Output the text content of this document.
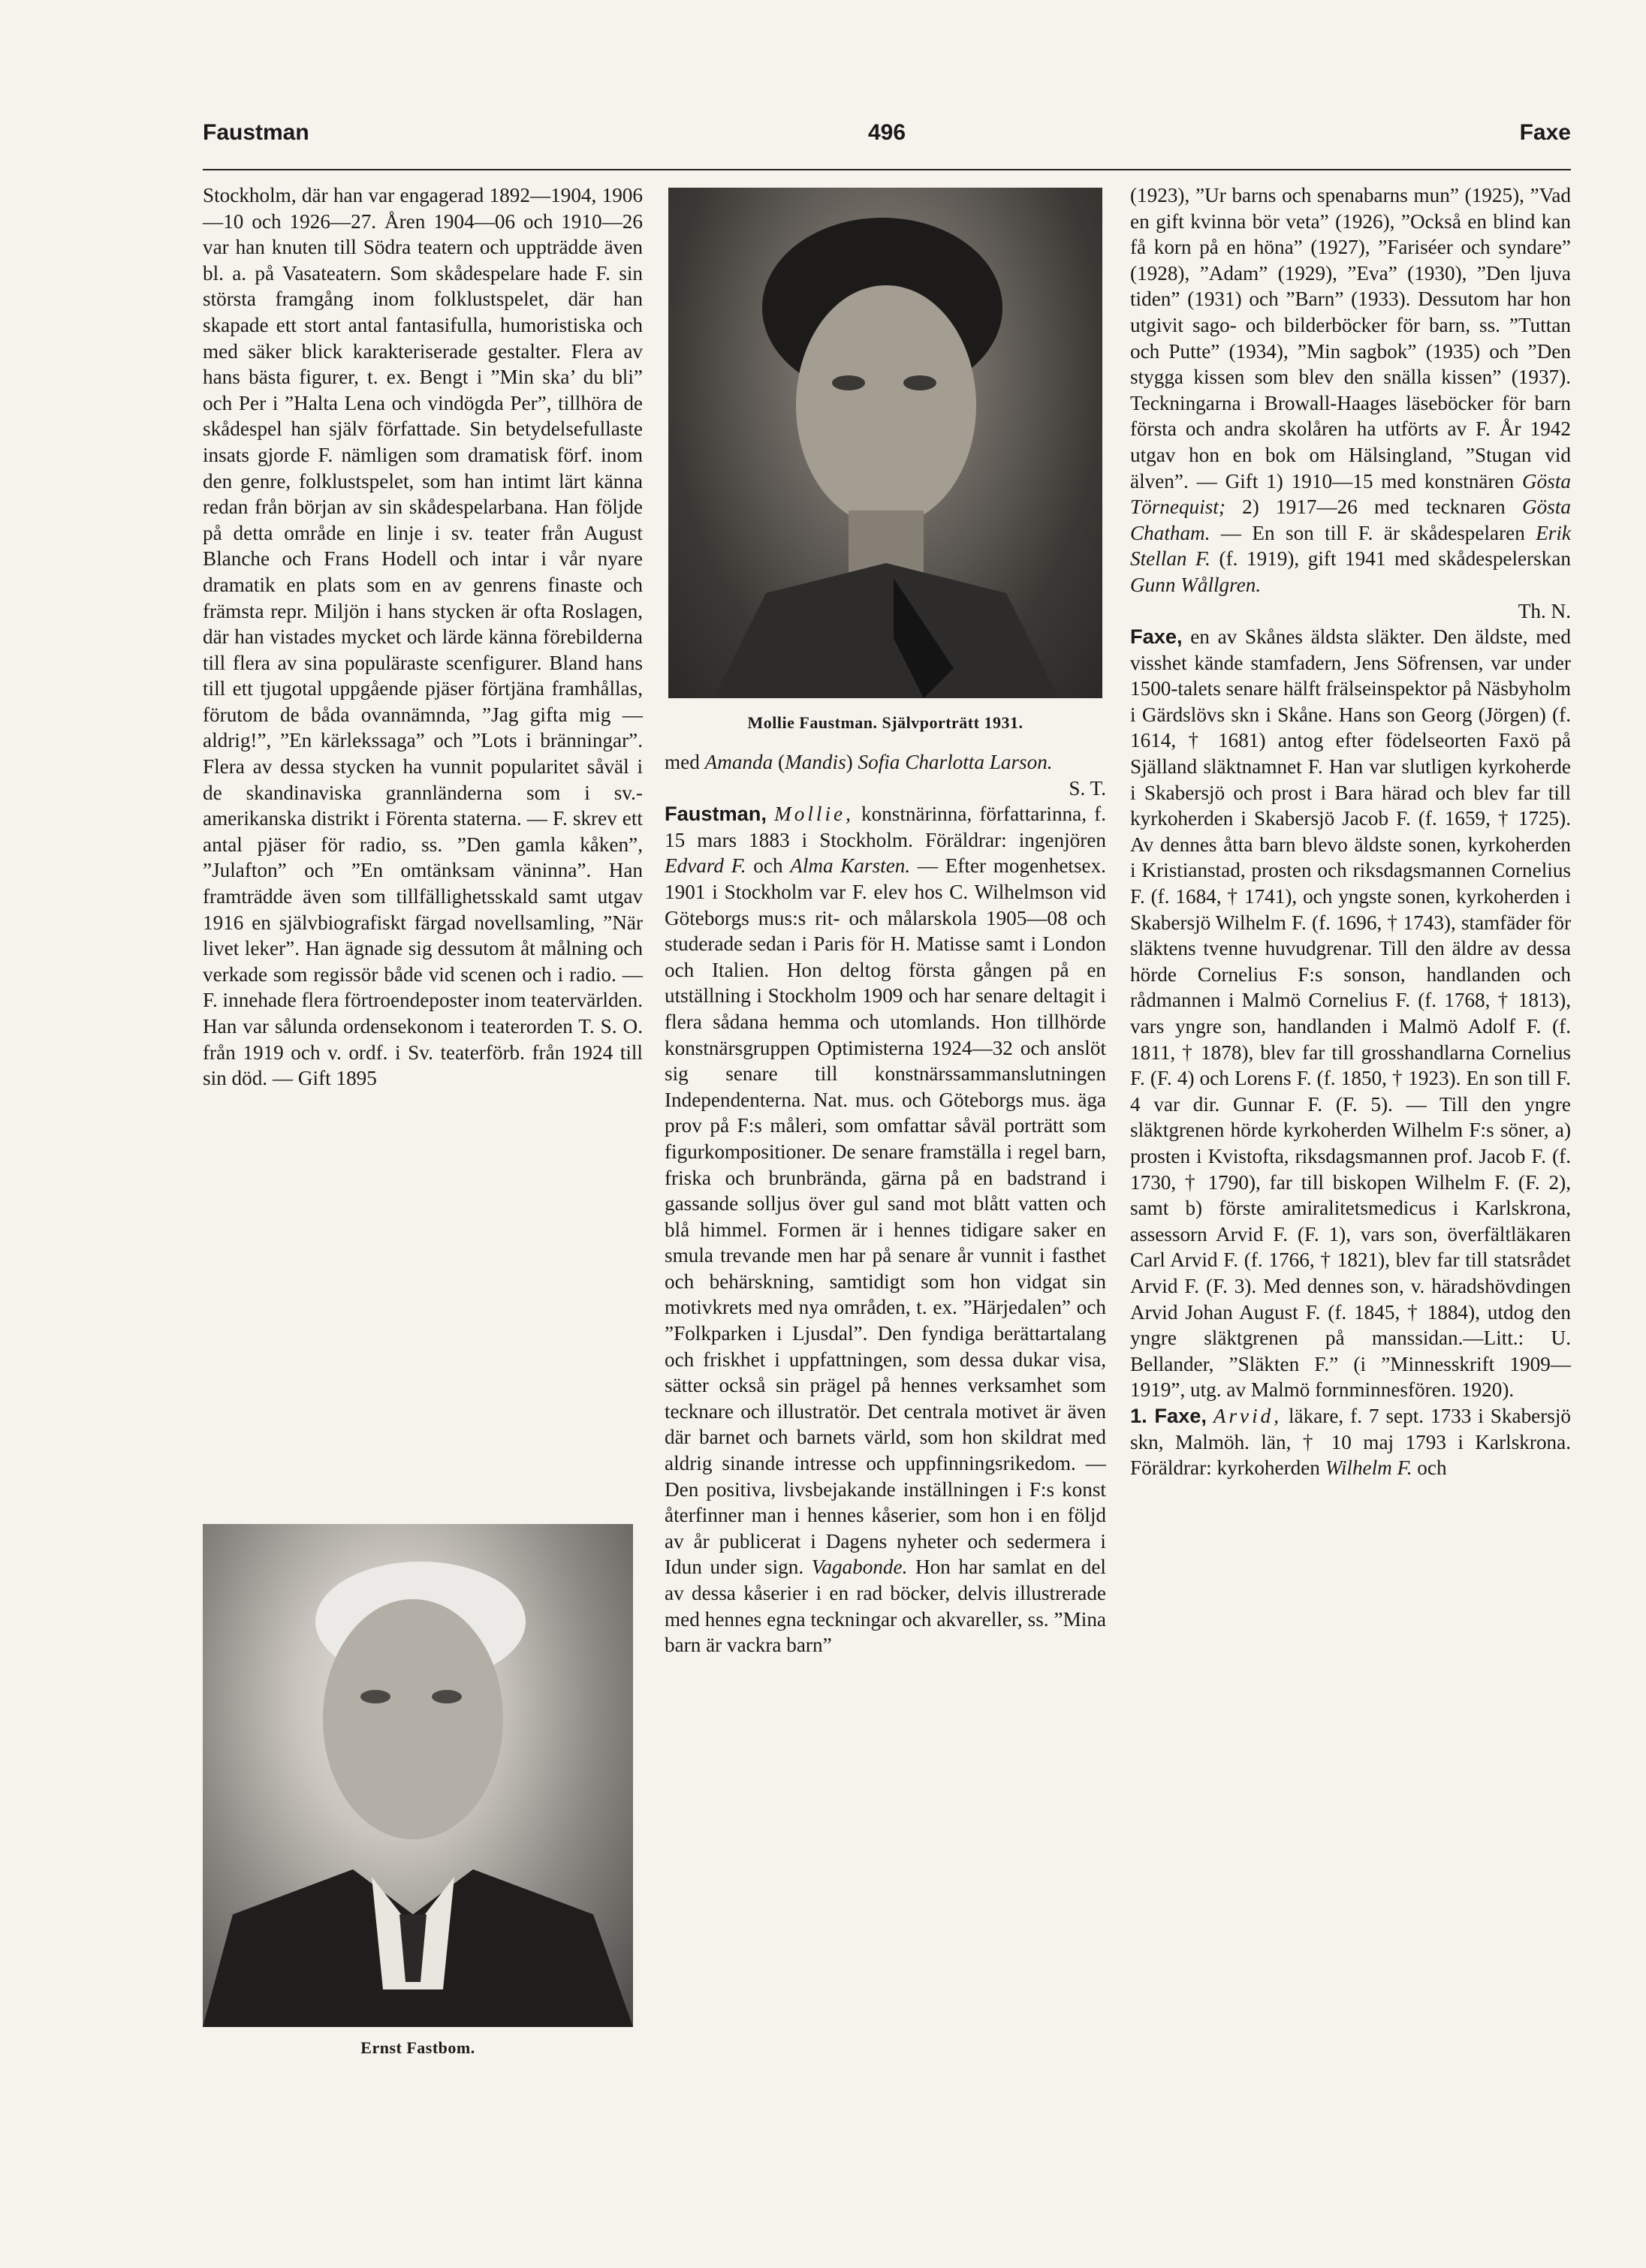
Faustman	496	Faxe

Stockholm, där han var engagerad 1892—1904, 1906—10 och 1926—27. Åren 1904—06 och 1910—26 var han knuten till Södra teatern och uppträdde även bl. a. på Vasateatern. Som skådespelare hade F. sin största framgång inom folklustspelet, där han skapade ett stort antal fantasifulla, humoristiska och med säker blick karakteriserade gestalter. Flera av hans bästa figurer, t. ex. Bengt i ”Min ska’ du bli” och Per i ”Halta Lena och vindögda Per”, tillhöra de skådespel han själv författade. Sin betydelsefullaste insats gjorde F. nämligen som dramatisk förf. inom den genre, folklustspelet, som han intimt lärt känna redan från början av sin skådespelarbana. Han följde på detta område en linje i sv. teater från August Blanche och Frans Hodell och intar i vår nyare dramatik en plats som en av genrens finaste och främsta repr. Miljön i hans stycken är ofta Roslagen, där han vistades mycket och lärde känna förebilderna till flera av sina populäraste scenfigurer. Bland hans till ett tjugotal uppgående pjäser förtjäna framhållas, förutom de båda ovannämnda, ”Jag gifta mig — aldrig!”, ”En kärlekssaga” och ”Lots i bränningar”. Flera av dessa stycken ha vunnit popularitet såväl i de skandinaviska grannländerna som i sv.-amerikanska distrikt i Förenta staterna. — F. skrev ett antal pjäser för radio, ss. ”Den gamla kåken”, ”Julafton” och ”En omtänksam väninna”. Han framträdde även som tillfällighetsskald samt utgav 1916 en självbiografiskt färgad novellsamling, ”När livet leker”. Han ägnade sig dessutom åt målning och verkade som regissör både vid scenen och i radio. — F. innehade flera förtroendeposter inom teatervärlden. Han var sålunda ordensekonom i teaterorden T. S. O. från 1919 och v. ordf. i Sv. teaterförb. från 1924 till sin död. — Gift 1895

Mollie Faustman. Självporträtt 1931.

med Amanda (Mandis) Sofia Charlotta Larson.

S. T.

Faustman, Mollie, konstnärinna, författarinna, f. 15 mars 1883 i Stockholm. Föräldrar: ingenjören Edvard F. och Alma Karsten. — Efter mogenhetsex. 1901 i Stockholm var F. elev hos C. Wilhelmson vid Göteborgs mus:s rit- och målarskola 1905—08 och studerade sedan i Paris för H. Matisse samt i London och Italien. Hon deltog första gången på en utställning i Stockholm 1909 och har senare deltagit i flera sådana hemma och utomlands. Hon tillhörde konstnärsgruppen Optimisterna 1924—32 och anslöt sig senare till konstnärssammanslutningen Independenterna. Nat. mus. och Göteborgs mus. äga prov på F:s måleri, som omfattar såväl porträtt som figurkompositioner. De senare framställa i regel barn, friska och brunbrända, gärna på en badstrand i gassande solljus över gul sand mot blått vatten och blå himmel. Formen är i hennes tidigare saker en smula trevande men har på senare år vunnit i fasthet och behärskning, samtidigt som hon vidgat sin motivkrets med nya områden, t. ex. ”Härjedalen” och ”Folkparken i Ljusdal”. Den fyndiga berättartalang och friskhet i uppfattningen, som dessa dukar visa, sätter också sin prägel på hennes verksamhet som tecknare och illustratör. Det centrala motivet är även där barnet och barnets värld, som hon skildrat med aldrig sinande intresse och uppfinningsrikedom. — Den positiva, livsbejakande inställningen i F:s konst återfinner man i hennes kåserier, som hon i en följd av år publicerat i Dagens nyheter och sedermera i Idun under sign. Vagabonde. Hon har samlat en del av dessa kåserier i en rad böcker, delvis illustrerade med hennes egna teckningar och akvareller, ss. ”Mina barn är vackra barn”

Ernst Fastbom.

(1923), ”Ur barns och spenabarns mun” (1925), ”Vad en gift kvinna bör veta” (1926), ”Också en blind kan få korn på en höna” (1927), ”Fariséer och syndare” (1928), ”Adam” (1929), ”Eva” (1930), ”Den ljuva tiden” (1931) och ”Barn” (1933). Dessutom har hon utgivit sago- och bilderböcker för barn, ss. ”Tuttan och Putte” (1934), ”Min sagbok” (1935) och ”Den stygga kissen som blev den snälla kissen” (1937). Teckningarna i Browall-Haages läseböcker för barn första och andra skolåren ha utförts av F. År 1942 utgav hon en bok om Hälsingland, ”Stugan vid älven”. — Gift 1) 1910—15 med konstnären Gösta Törnequist; 2) 1917—26 med tecknaren Gösta Chatham. — En son till F. är skådespelaren Erik Stellan F. (f. 1919), gift 1941 med skådespelerskan Gunn Wållgren.

Th. N.

Faxe, en av Skånes äldsta släkter. Den äldste, med visshet kände stamfadern, Jens Söfrensen, var under 1500-talets senare hälft frälseinspektor på Näsbyholm i Gärdslövs skn i Skåne. Hans son Georg (Jörgen) (f. 1614, † 1681) antog efter födelseorten Faxö på Själland släktnamnet F. Han var slutligen kyrkoherde i Skabersjö och prost i Bara härad och blev far till kyrkoherden i Skabersjö Jacob F. (f. 1659, † 1725). Av dennes åtta barn blevo äldste sonen, kyrkoherden i Kristianstad, prosten och riksdagsmannen Cornelius F. (f. 1684, † 1741), och yngste sonen, kyrkoherden i Skabersjö Wilhelm F. (f. 1696, † 1743), stamfäder för släktens tvenne huvudgrenar. Till den äldre av dessa hörde Cornelius F:s sonson, handlanden och rådmannen i Malmö Cornelius F. (f. 1768, † 1813), vars yngre son, handlanden i Malmö Adolf F. (f. 1811, † 1878), blev far till grosshandlarna Cornelius F. (F. 4) och Lorens F. (f. 1850, † 1923). En son till F. 4 var dir. Gunnar F. (F. 5). — Till den yngre släktgrenen hörde kyrkoherden Wilhelm F:s söner, a) prosten i Kvistofta, riksdagsmannen prof. Jacob F. (f. 1730, † 1790), far till biskopen Wilhelm F. (F. 2), samt b) förste amiralitetsmedicus i Karlskrona, assessorn Arvid F. (F. 1), vars son, överfältläkaren Carl Arvid F. (f. 1766, † 1821), blev far till statsrådet Arvid F. (F. 3). Med dennes son, v. häradshövdingen Arvid Johan August F. (f. 1845, † 1884), utdog den yngre släktgrenen på manssidan.—Litt.: U. Bellander, ”Släkten F.” (i ”Minnesskrift 1909—1919”, utg. av Malmö fornminnesfören. 1920).

1. Faxe, Arvid, läkare, f. 7 sept. 1733 i Skabersjö skn, Malmöh. län, † 10 maj 1793 i Karlskrona. Föräldrar: kyrkoherden Wilhelm F. och
